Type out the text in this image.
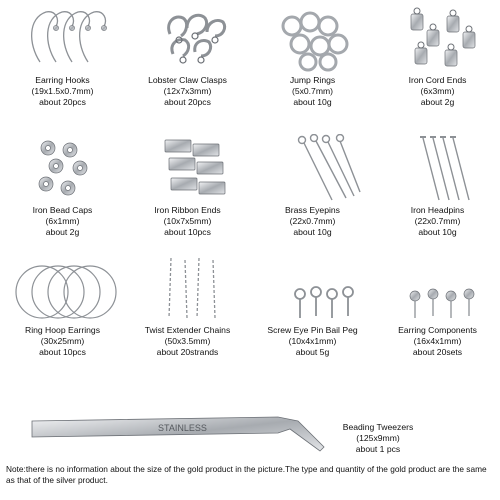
Earring Hooks
(19x1.5x0.7mm)
about 20pcs
Lobster Claw Clasps
(12x7x3mm)
about 20pcs
Jump Rings
(5x0.7mm)
about 10g
Iron Cord Ends
(6x3mm)
about 2g
Iron Bead Caps
(6x1mm)
about 2g
Iron Ribbon Ends
(10x7x5mm)
about 10pcs
Brass Eyepins
(22x0.7mm)
about 10g
Iron Headpins
(22x0.7mm)
about 10g
Ring Hoop Earrings
(30x25mm)
about 10pcs
Twist Extender Chains
(50x3.5mm)
about 20strands
Screw Eye Pin Bail Peg
(10x4x1mm)
about 5g
Earring Components
(16x4x1mm)
about 20sets
STAINLESS	Beading Tweezers
(125x9mm)
about 1 pcs
Note:there is no information about the size of the gold product in the picture.The type and quantity of the gold product are the same as that of the silver product.
